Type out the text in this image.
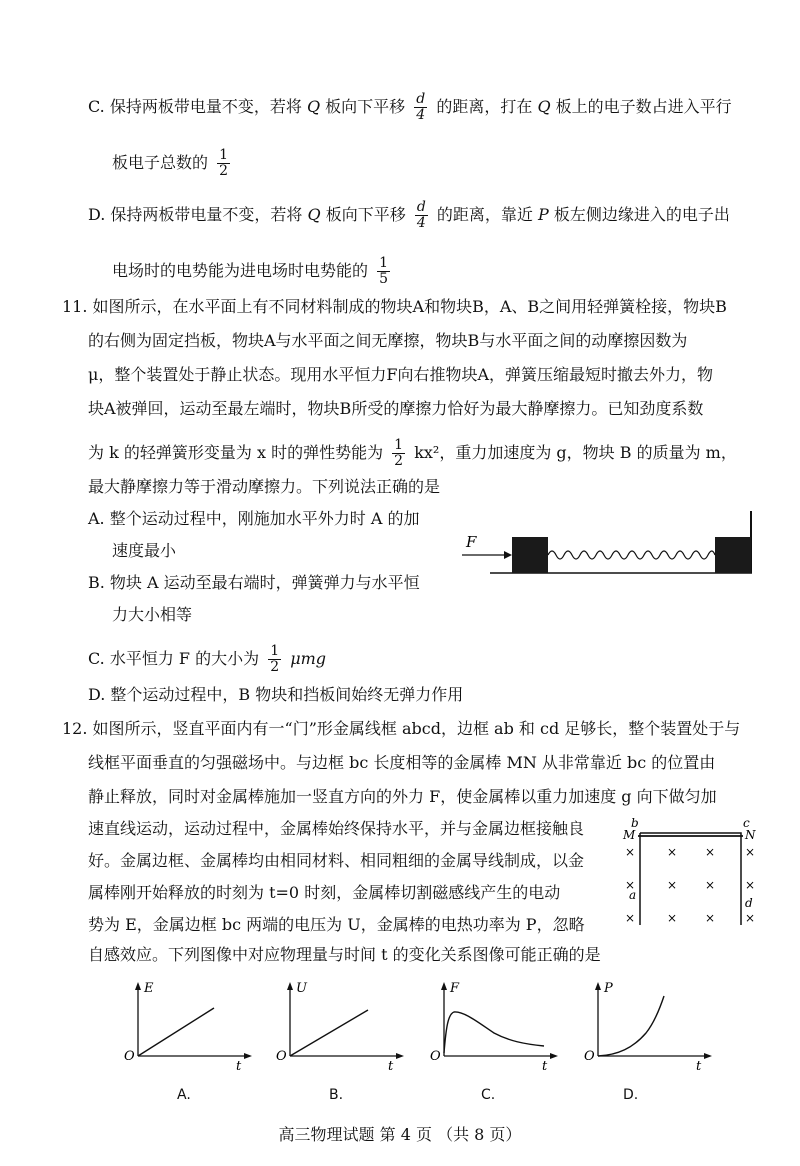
C. 保持两板带电量不变，若将 Q 板向下平移 $\frac{d}{4}$ 的距离，打在 Q 板上的电子数占进入平行
板电子总数的 $\frac{1}{2}$
D. 保持两板带电量不变，若将 Q 板向下平移 $\frac{d}{4}$ 的距离，靠近 P 板左侧边缘进入的电子出
电场时的电势能为进电场时电势能的 $\frac{1}{5}$
11. 如图所示，在水平面上有不同材料制成的物块A和物块B，A、B之间用轻弹簧栓接，物块B
的右侧为固定挡板，物块A与水平面之间无摩擦，物块B与水平面之间的动摩擦因数为
μ，整个装置处于静止状态。现用水平恒力F向右推物块A，弹簧压缩最短时撤去外力，物
块A被弹回，运动至最左端时，物块B所受的摩擦力恰好为最大静摩擦力。已知劲度系数
为 k 的轻弹簧形变量为 x 时的弹性势能为 $\frac{1}{2} kx^2$，重力加速度为 g，物块 B 的质量为 m，
最大静摩擦力等于滑动摩擦力。下列说法正确的是
A. 整个运动过程中，刚施加水平外力时 A 的加
速度最小
B. 物块 A 运动至最右端时，弹簧弹力与水平恒
力大小相等
C. 水平恒力 F 的大小为 $\frac{1}{2}$ μmg
D. 整个运动过程中，B 物块和挡板间始终无弹力作用
F
12. 如图所示，竖直平面内有一“门”形金属线框 abcd，边框 ab 和 cd 足够长，整个装置处于与
线框平面垂直的匀强磁场中。与边框 bc 长度相等的金属棒 MN 从非常靠近 bc 的位置由
静止释放，同时对金属棒施加一竖直方向的外力 F，使金属棒以重力加速度 g 向下做匀加
速直线运动，运动过程中，金属棒始终保持水平，并与金属边框接触良
好。金属边框、金属棒均由相同材料、相同粗细的金属导线制成，以金
属棒刚开始释放的时刻为 t=0 时刻，金属棒切割磁感线产生的电动
势为 E，金属边框 bc 两端的电压为 U，金属棒的电热功率为 P，忽略
自感效应。下列图像中对应物理量与时间 t 的变化关系图像可能正确的是
b	c
M	N
a
d
×	× × ×
×	× × ×
×	× × ×
E
O
t
A.
U
O
t
B.
F
O
t
C.
P
O
t
D.
高三物理试题 第 4 页 （共 8 页）
